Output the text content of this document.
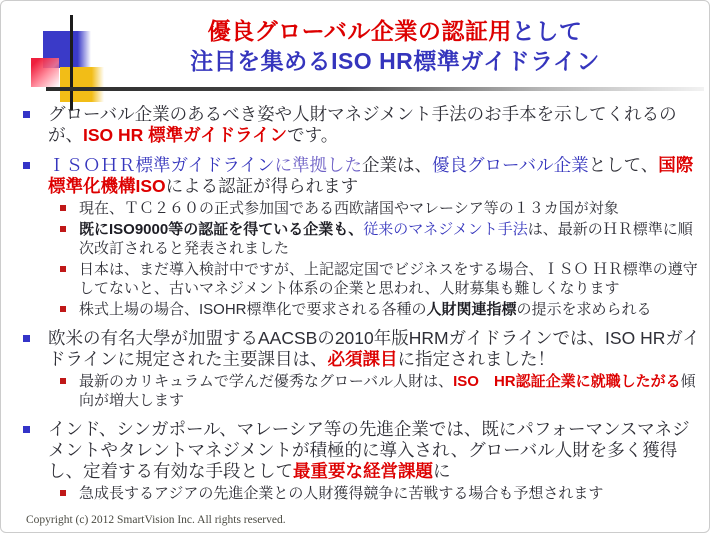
優良グローバル企業の認証用として
注目を集めるISO HR標準ガイドライン
グローバル企業のあるべき姿や人財マネジメント手法のお手本を示してくれるのが、ISO HR 標準ガイドラインです。
ＩＳＯＨＲ標準ガイドラインに準拠した企業は、優良グローバル企業として、国際標準化機構ISOによる認証が得られます
現在、ＴＣ２６０の正式参加国である西欧諸国やマレーシア等の１３カ国が対象
既にISO9000等の認証を得ている企業も、従来のマネジメント手法は、最新のＨＲ標準に順次改訂されると発表されました
日本は、まだ導入検討中ですが、上記認定国でビジネスをする場合、ＩＳＯ ＨＲ標準の遵守してないと、古いマネジメント体系の企業と思われ、人財募集も難しくなります
株式上場の場合、ISOHR標準化で要求される各種の人財関連指標の提示を求められる
欧米の有名大學が加盟するAACSBの2010年版HRMガイドラインでは、ISO HRガイドラインに規定された主要課目は、必須課目に指定されました！
最新のカリキュラムで学んだ優秀なグローバル人財は、ISO　HR認証企業に就職したがる傾向が増大します
インド、シンガポール、マレーシア等の先進企業では、既にパフォーマンスマネジメントやタレントマネジメントが積極的に導入され、グローバル人財を多く獲得し、定着する有効な手段として最重要な経営課題に
急成長するアジアの先進企業との人財獲得競争に苦戦する場合も予想されます
Copyright (c) 2012 SmartVision Inc. All rights reserved.
